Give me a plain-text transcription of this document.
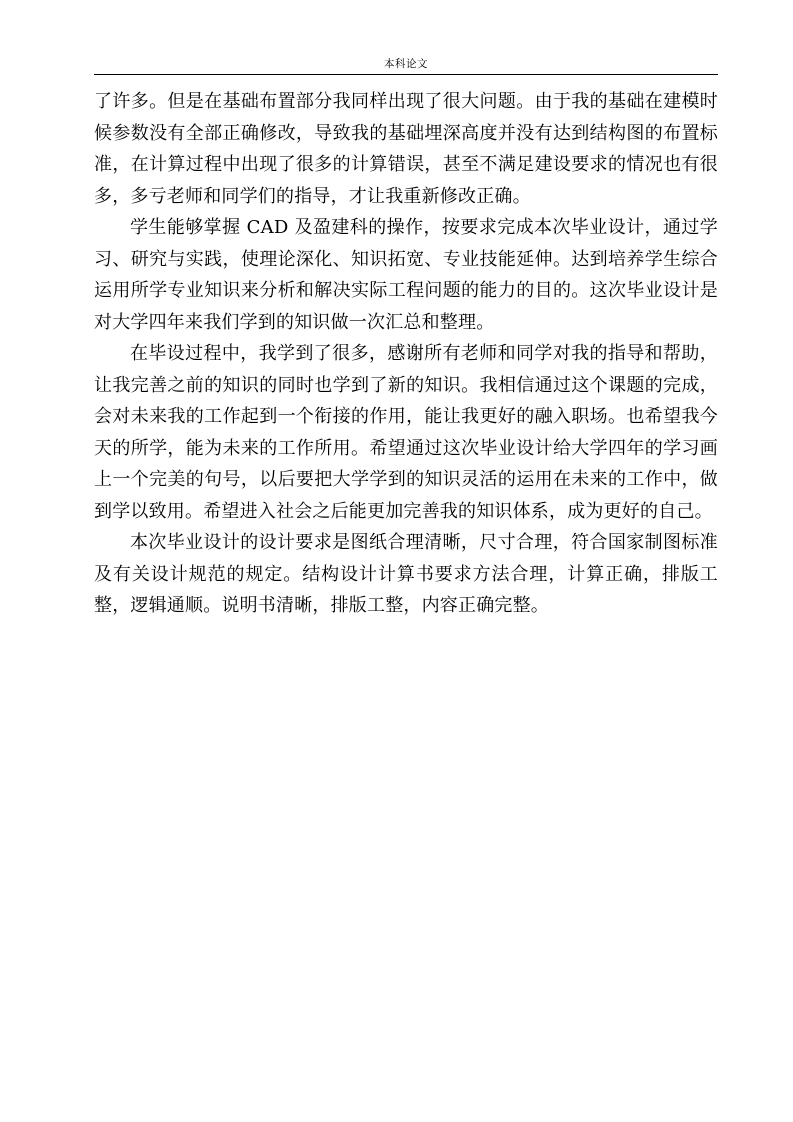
本科论文

了许多。但是在基础布置部分我同样出现了很大问题。由于我的基础在建模时候参数没有全部正确修改，导致我的基础埋深高度并没有达到结构图的布置标准，在计算过程中出现了很多的计算错误，甚至不满足建设要求的情况也有很多，多亏老师和同学们的指导，才让我重新修改正确。

学生能够掌握 CAD 及盈建科的操作，按要求完成本次毕业设计，通过学习、研究与实践，使理论深化、知识拓宽、专业技能延伸。达到培养学生综合运用所学专业知识来分析和解决实际工程问题的能力的目的。这次毕业设计是对大学四年来我们学到的知识做一次汇总和整理。

在毕设过程中，我学到了很多，感谢所有老师和同学对我的指导和帮助，让我完善之前的知识的同时也学到了新的知识。我相信通过这个课题的完成，会对未来我的工作起到一个衔接的作用，能让我更好的融入职场。也希望我今天的所学，能为未来的工作所用。希望通过这次毕业设计给大学四年的学习画上一个完美的句号，以后要把大学学到的知识灵活的运用在未来的工作中，做到学以致用。希望进入社会之后能更加完善我的知识体系，成为更好的自己。

本次毕业设计的设计要求是图纸合理清晰，尺寸合理，符合国家制图标准及有关设计规范的规定。结构设计计算书要求方法合理，计算正确，排版工整，逻辑通顺。说明书清晰，排版工整，内容正确完整。
